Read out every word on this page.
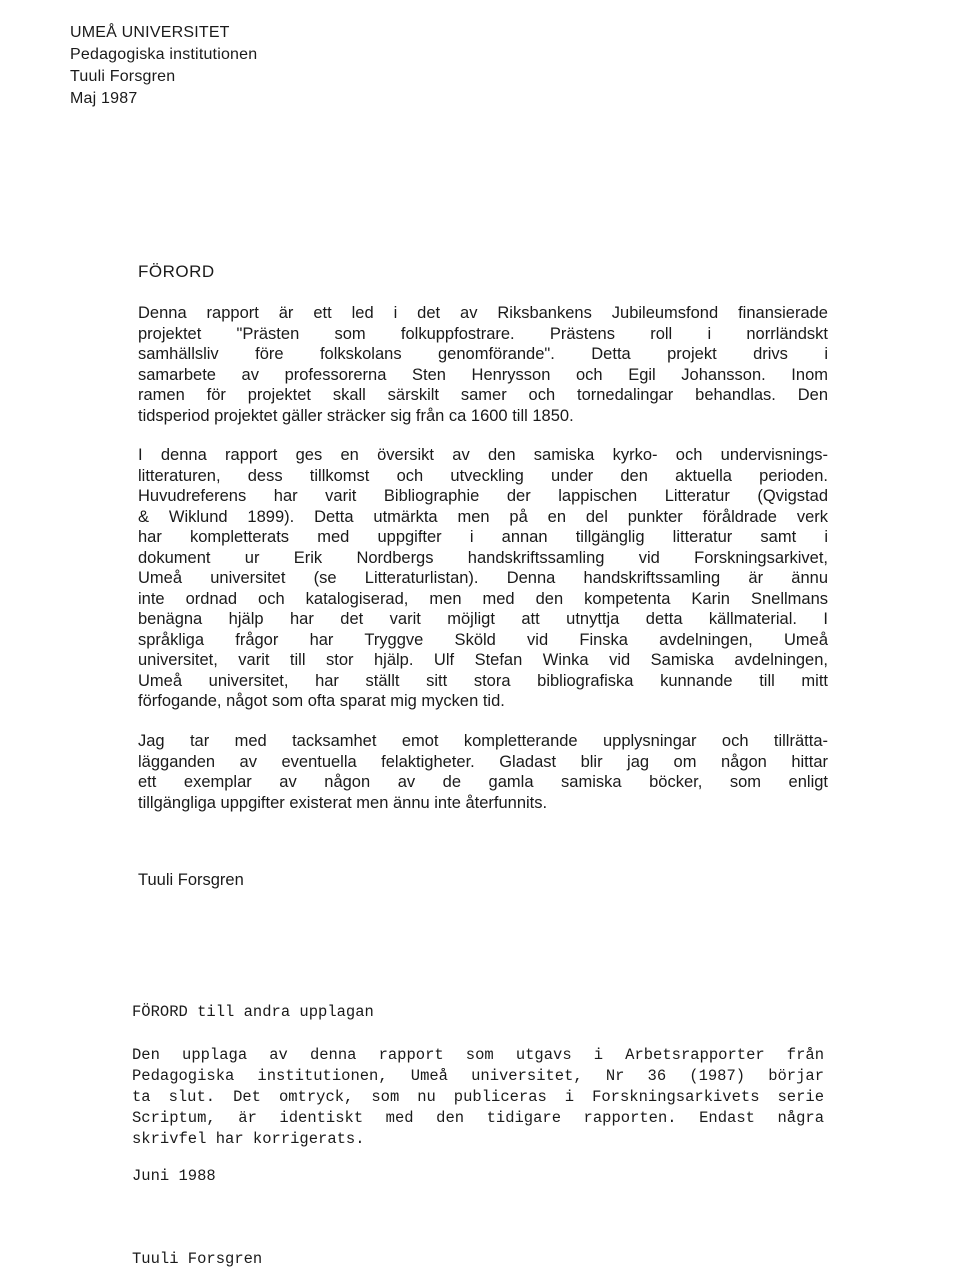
UMEÅ UNIVERSITET
Pedagogiska institutionen
Tuuli Forsgren
Maj 1987
FÖRORD
Denna rapport är ett led i det av Riksbankens Jubileumsfond finansierade
projektet "Prästen som folkuppfostrare. Prästens roll i norrländskt
samhällsliv före folkskolans genomförande". Detta projekt drivs i
samarbete av professorerna Sten Henrysson och Egil Johansson. Inom
ramen för projektet skall särskilt samer och tornedalingar behandlas. Den
tidsperiod projektet gäller sträcker sig från ca 1600 till 1850.
I denna rapport ges en översikt av den samiska kyrko- och undervisnings-
litteraturen, dess tillkomst och utveckling under den aktuella perioden.
Huvudreferens har varit Bibliographie der lappischen Litteratur (Qvigstad
& Wiklund 1899). Detta utmärkta men på en del punkter föråldrade verk
har kompletterats med uppgifter i annan tillgänglig litteratur samt i
dokument ur Erik Nordbergs handskriftssamling vid Forskningsarkivet,
Umeå universitet (se Litteraturlistan). Denna handskriftssamling är ännu
inte ordnad och katalogiserad, men med den kompetenta Karin Snellmans
benägna hjälp har det varit möjligt att utnyttja detta källmaterial. I
språkliga frågor har Tryggve Sköld vid Finska avdelningen, Umeå
universitet, varit till stor hjälp. Ulf Stefan Winka vid Samiska avdelningen,
Umeå universitet, har ställt sitt stora bibliografiska kunnande till mitt
förfogande, något som ofta sparat mig mycken tid.
Jag tar med tacksamhet emot kompletterande upplysningar och tillrätta-
lägganden av eventuella felaktigheter. Gladast blir jag om någon hittar
ett exemplar av någon av de gamla samiska böcker, som enligt
tillgängliga uppgifter existerat men ännu inte återfunnits.
Tuuli Forsgren
FÖRORD till andra upplagan
Den upplaga av denna rapport som utgavs i Arbetsrapporter från
Pedagogiska institutionen, Umeå universitet, Nr 36 (1987) börjar
ta slut. Det omtryck, som nu publiceras i Forskningsarkivets serie
Scriptum, är identiskt med den tidigare rapporten. Endast några
skrivfel har korrigerats.
Juni 1988
Tuuli Forsgren
